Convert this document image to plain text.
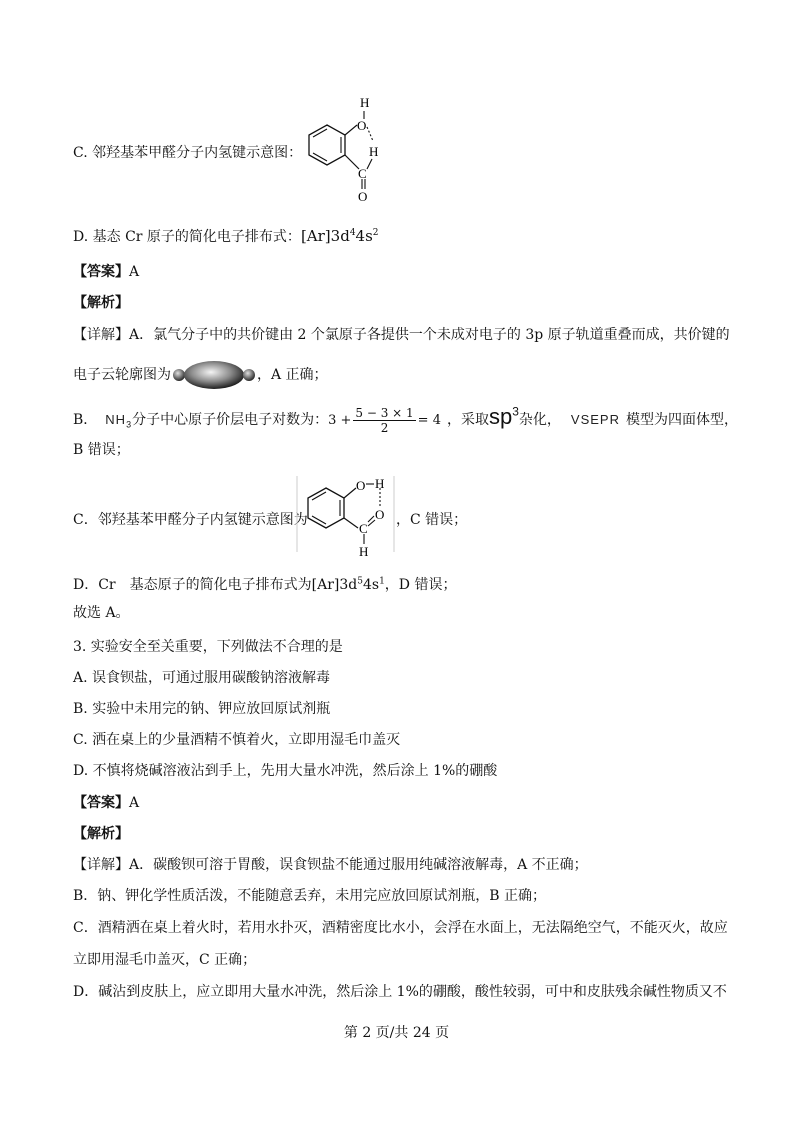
C. 邻羟基苯甲醛分子内氢键示意图：
H
O
H
C
O
D. 基态 Cr 原子的简化电子排布式：$[Ar]3d^44s^2$
【答案】A
【解析】
【详解】A．氯气分子中的共价键由 2 个氯原子各提供一个未成对电子的 3p 原子轨道重叠而成，共价键的
电子云轮廓图为	，A 正确；
B． $NH_3$分子中心原子价层电子对数为：$3 + \frac{5 - 3 \times 1}{2} = 4$ ，采取$sp^3$杂化， VSEPR 模型为四面体型，
B 错误；
C．邻羟基苯甲醛分子内氢键示意图为
O H
O
C
H
，C 错误；
D．Cr　基态原子的简化电子排布式为$[Ar]3d^54s^1$，D 错误；
故选 A。
3. 实验安全至关重要，下列做法不合理的是
A. 误食钡盐，可通过服用碳酸钠溶液解毒
B. 实验中未用完的钠、钾应放回原试剂瓶
C. 洒在桌上的少量酒精不慎着火，立即用湿毛巾盖灭
D. 不慎将烧碱溶液沾到手上，先用大量水冲洗，然后涂上 1%的硼酸
【答案】A
【解析】
【详解】A．碳酸钡可溶于胃酸，误食钡盐不能通过服用纯碱溶液解毒，A 不正确；
B．钠、钾化学性质活泼，不能随意丢弃，未用完应放回原试剂瓶，B 正确；
C．酒精洒在桌上着火时，若用水扑灭，酒精密度比水小，会浮在水面上，无法隔绝空气，不能灭火，故应
立即用湿毛巾盖灭，C 正确；
D．碱沾到皮肤上，应立即用大量水冲洗，然后涂上 1%的硼酸，酸性较弱，可中和皮肤残余碱性物质又不
第 2 页/共 24 页
